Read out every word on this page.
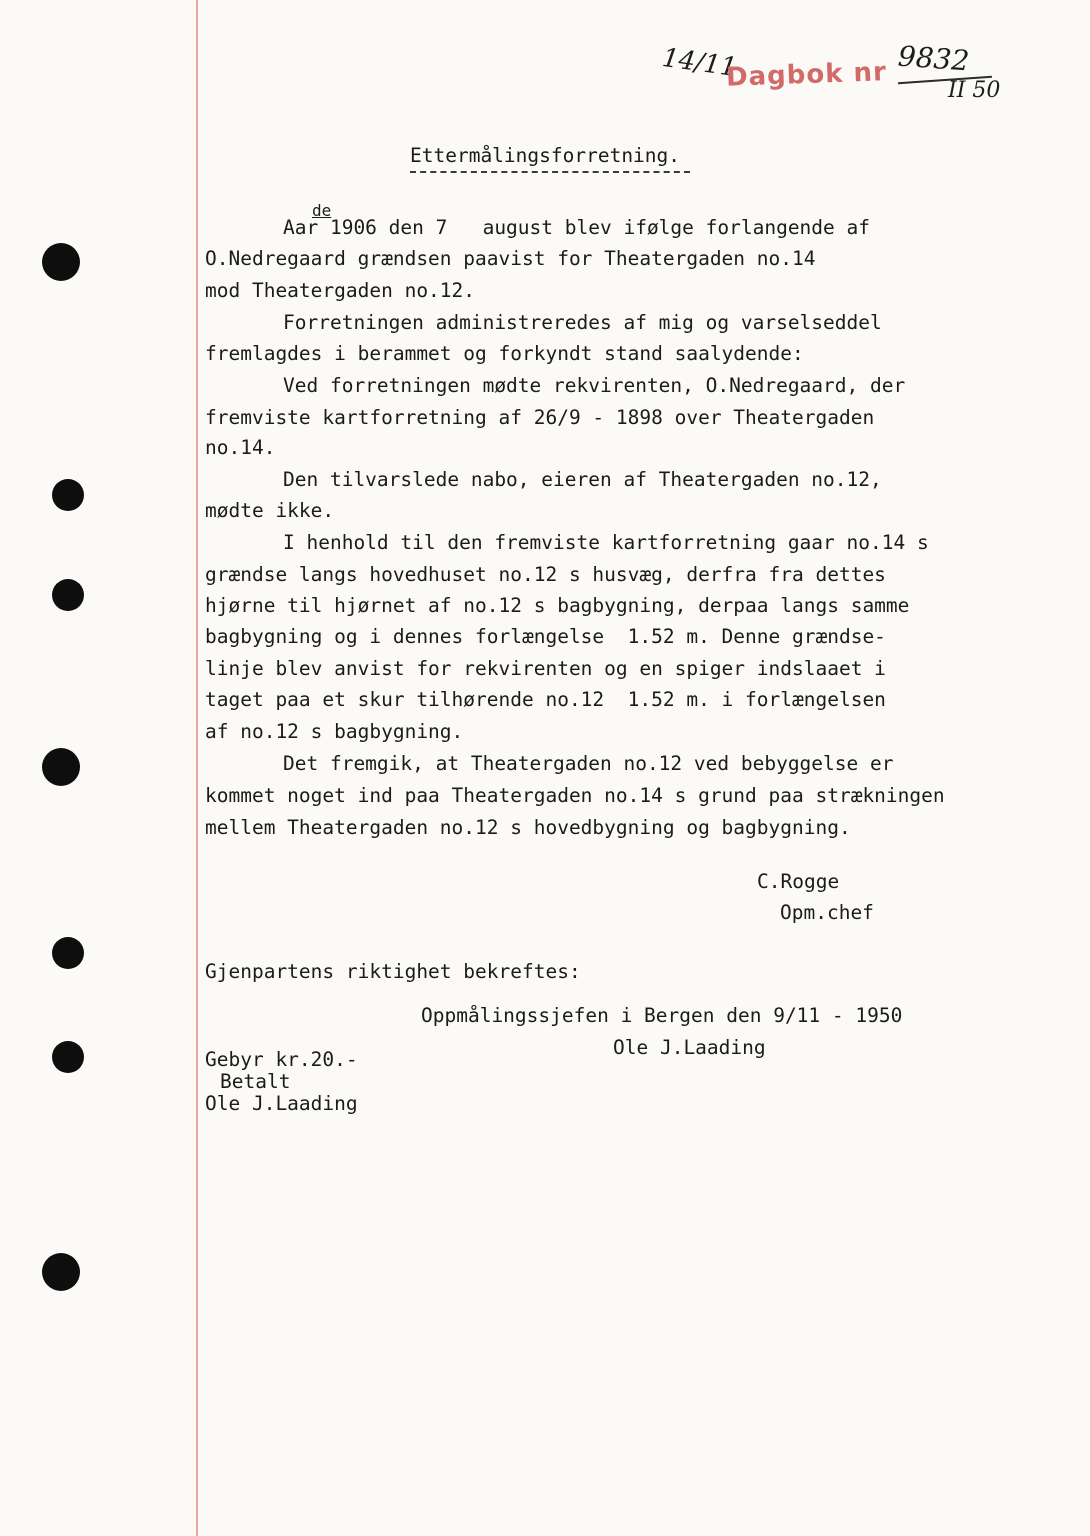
14/11
Dagbok nr 9832
II 50
Ettermålingsforretning.
de
Aar 1906 den 7   august blev ifølge forlangende af
O.Nedregaard grændsen paavist for Theatergaden no.14
mod Theatergaden no.12.
Forretningen administreredes af mig og varselseddel
fremlagdes i berammet og forkyndt stand saalydende:
Ved forretningen mødte rekvirenten, O.Nedregaard, der
fremviste kartforretning af 26/9 - 1898 over Theatergaden
no.14.
Den tilvarslede nabo, eieren af Theatergaden no.12,
mødte ikke.
I henhold til den fremviste kartforretning gaar no.14 s
grændse langs hovedhuset no.12 s husvæg, derfra fra dettes
hjørne til hjørnet af no.12 s bagbygning, derpaa langs samme
bagbygning og i dennes forlængelse  1.52 m. Denne grændse-
linje blev anvist for rekvirenten og en spiger indslaaet i
taget paa et skur tilhørende no.12  1.52 m. i forlængelsen
af no.12 s bagbygning.
Det fremgik, at Theatergaden no.12 ved bebyggelse er
kommet noget ind paa Theatergaden no.14 s grund paa strækningen
mellem Theatergaden no.12 s hovedbygning og bagbygning.
C.Rogge
Opm.chef
Gjenpartens riktighet bekreftes:
Oppmålingssjefen i Bergen den 9/11 - 1950
Ole J.Laading
Gebyr kr.20.-
Betalt
Ole J.Laading
